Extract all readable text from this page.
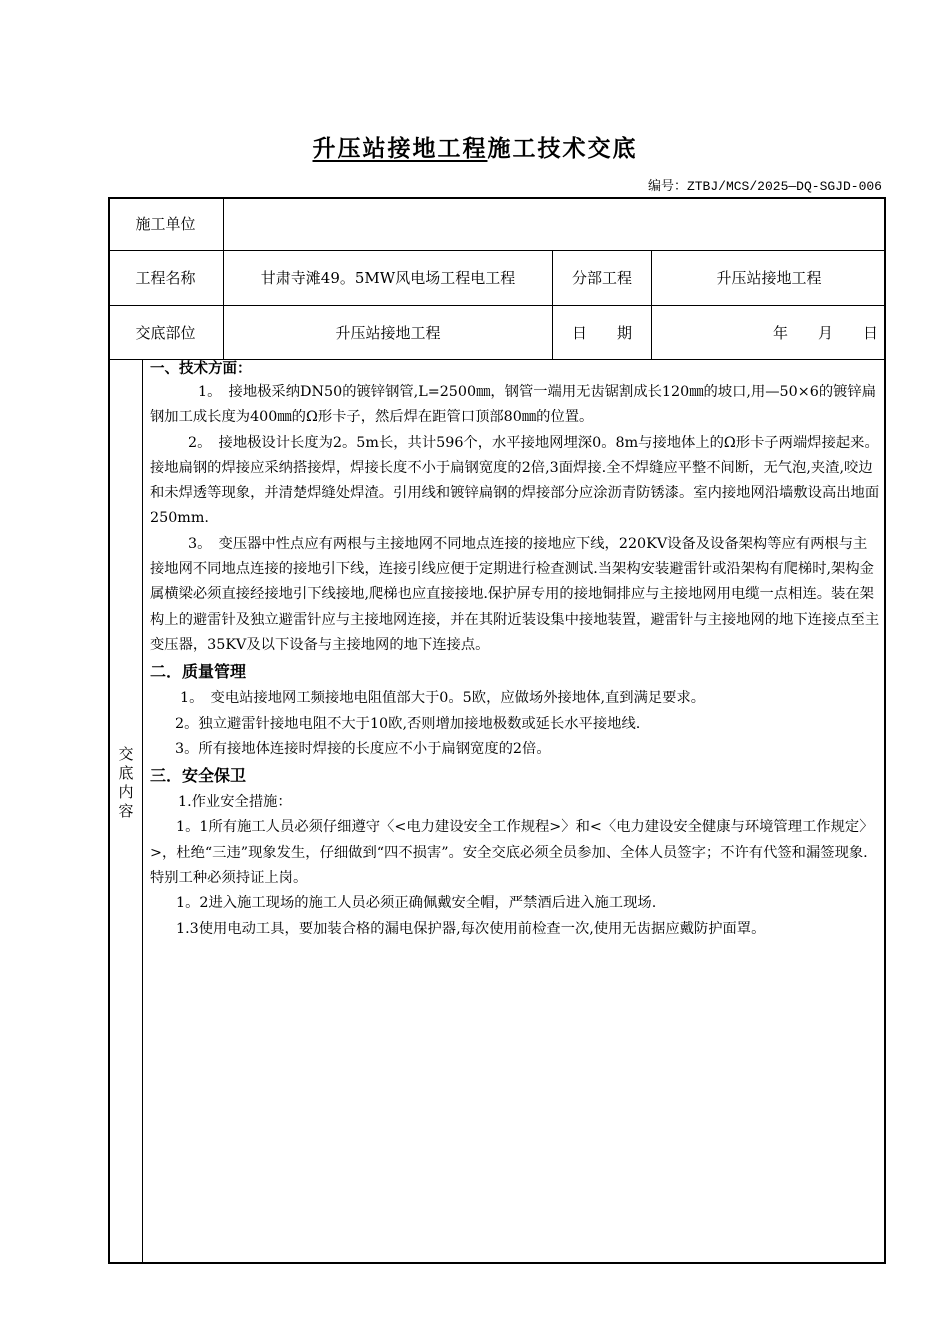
升压站接地工程施工技术交底
编号：ZTBJ/MCS/2025—DQ-SGJD-006
施工单位
工程名称	甘肃寺滩49。5MW风电场工程电工程	分部工程	升压站接地工程
交底部位	升压站接地工程	日　　期	年　　月　　日
交
底
内
容
一、技术方面：

1。　接地极采纳DN50的镀锌钢管,L=2500㎜，钢管一端用无齿锯割成长120㎜的坡口,用—50×6的镀锌扁钢加工成长度为400㎜的Ω形卡子，然后焊在距管口顶部80㎜的位置。

2。　接地极设计长度为2。5m长，共计596个，水平接地网埋深0。8m与接地体上的Ω形卡子两端焊接起来。接地扁钢的焊接应采纳搭接焊，焊接长度不小于扁钢宽度的2倍,3面焊接.全不焊缝应平整不间断，无气泡,夹渣,咬边和未焊透等现象，并清楚焊缝处焊渣。引用线和镀锌扁钢的焊接部分应涂沥青防锈漆。室内接地网沿墙敷设高出地面250mm.

3。　变压器中性点应有两根与主接地网不同地点连接的接地应下线，220KV设备及设备架构等应有两根与主接地网不同地点连接的接地引下线，连接引线应便于定期进行检查测试.当架构安装避雷针或沿架构有爬梯时,架构金属横梁必须直接经接地引下线接地,爬梯也应直接接地.保护屏专用的接地铜排应与主接地网用电缆一点相连。装在架构上的避雷针及独立避雷针应与主接地网连接，并在其附近装设集中接地装置，避雷针与主接地网的地下连接点至主变压器，35KV及以下设备与主接地网的地下连接点。

二．质量管理

1。　变电站接地网工频接地电阻值部大于0。5欧，应做场外接地体,直到满足要求。

2。独立避雷针接地电阻不大于10欧,否则增加接地极数或延长水平接地线.

3。所有接地体连接时焊接的长度应不小于扁钢宽度的2倍。

三．安全保卫

1.作业安全措施：

1。1所有施工人员必须仔细遵守〈<电力建设安全工作规程>〉和<〈电力建设安全健康与环境管理工作规定〉>，杜绝“三违”现象发生，仔细做到“四不损害”。安全交底必须全员参加、全体人员签字；不许有代签和漏签现象.特别工种必须持证上岗。

1。2进入施工现场的施工人员必须正确佩戴安全帽，严禁酒后进入施工现场.

1.3使用电动工具，要加装合格的漏电保护器,每次使用前检查一次,使用无齿据应戴防护面罩。
